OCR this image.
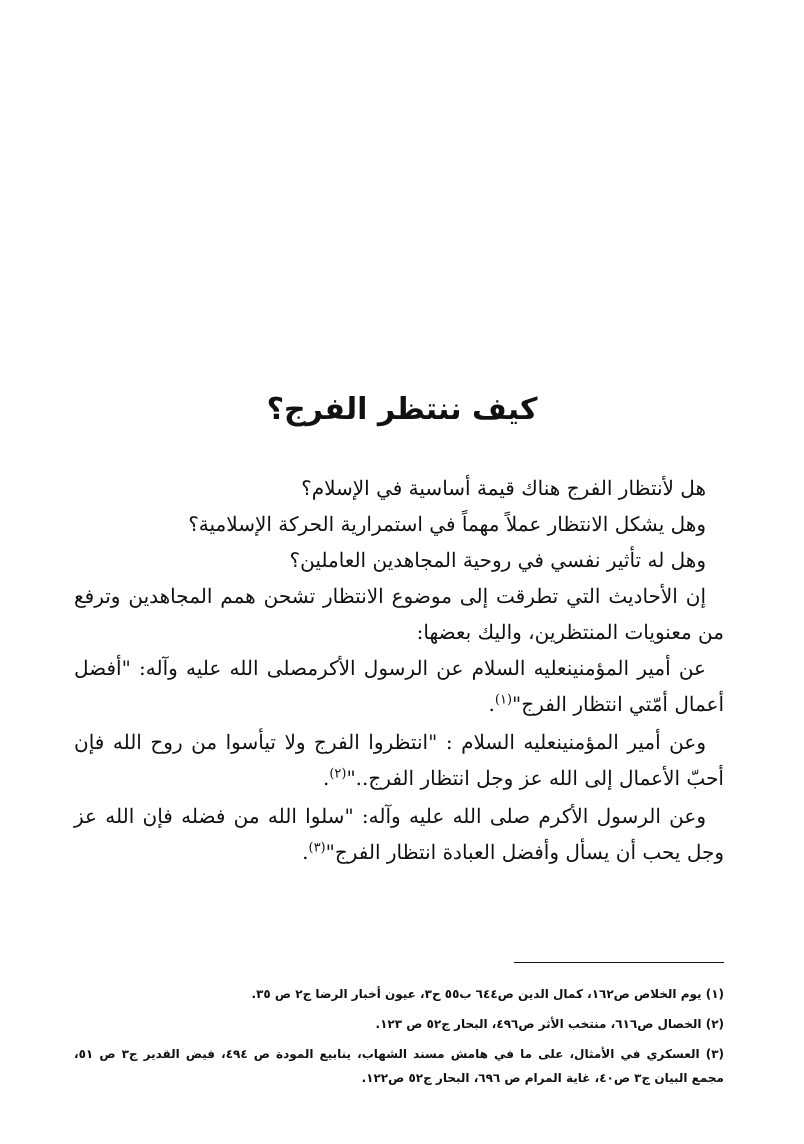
كيف ننتظر الفرج؟

هل لأنتظار الفرج هناك قيمة أساسية في الإسلام؟

وهل يشكل الانتظار عملاً مهماً في استمرارية الحركة الإسلامية؟

وهل له تأثير نفسي في روحية المجاهدين العاملين؟

إن الأحاديث التي تطرقت إلى موضوع الانتظار تشحن همم المجاهدين وترفع من معنويات المنتظرين، واليك بعضها:

عن أمير المؤمنينعليه السلام عن الرسول الأكرمصلى الله عليه وآله: "أفضل أعمال أمّتي انتظار الفرج"$^{(١)}$.

وعن أمير المؤمنينعليه السلام : "انتظروا الفرج ولا تيأسوا من روح الله فإن أحبّ الأعمال إلى الله عز وجل انتظار الفرج.."$^{(٢)}$.

وعن الرسول الأكرم صلى الله عليه وآله: "سلوا الله من فضله فإن الله عز وجل يحب أن يسأل وأفضل العبادة انتظار الفرج"$^{(٣)}$.

(١) يوم الخلاص ص١٦٢، كمال الدين ص٦٤٤ ب٥٥ ح٣، عيون أخبار الرضا ج٢ ص ٣٥.

(٢) الخصال ص٦١٦، منتخب الأثر ص٤٩٦، البحار ج٥٢ ص ١٢٣.

(٣) العسكري في الأمثال، على ما في هامش مسند الشهاب، ينابيع المودة ص ٤٩٤، فيض القدير ج٣ ص ٥١، مجمع البيان ج٣ ص٤٠، غاية المرام ص ٦٩٦، البحار ج٥٢ ص١٢٢.
